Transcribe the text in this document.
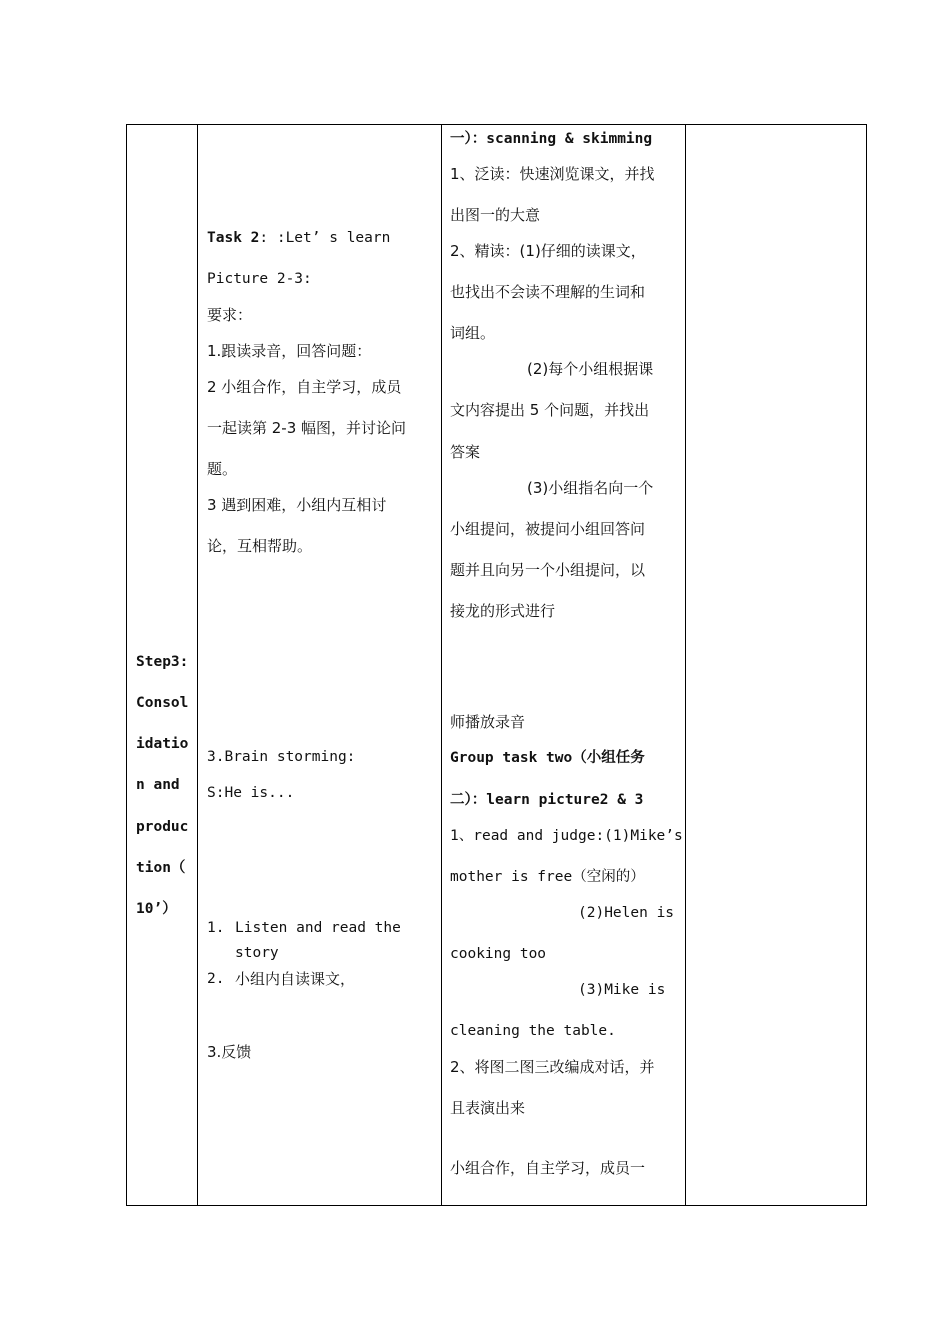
Step3:
Consol
idatio
n and
produc
tion（
10’）
Task 2: :Let’ s learn
Picture 2-3:
要求：
1.跟读录音，回答问题：
2 小组合作，自主学习，成员
一起读第 2-3 幅图，并讨论问
题。
3 遇到困难，小组内互相讨
论，互相帮助。
3.Brain storming:
S:He is...
1. Listen and read the
story
2. 小组内自读课文，
3.反馈
一）：scanning & skimming
1、泛读：快速浏览课文，并找
出图一的大意
2、精读：(1)仔细的读课文，
也找出不会读不理解的生词和
词组。
(2)每个小组根据课
文内容提出 5 个问题，并找出
答案
(3)小组指名向一个
小组提问，被提问小组回答问
题并且向另一个小组提问，以
接龙的形式进行
师播放录音
Group task two（小组任务
二）：learn picture2 & 3
1、read and judge:(1)Mike’s
mother is free（空闲的）
(2)Helen is
cooking too
(3)Mike is
cleaning the table.
2、将图二图三改编成对话，并
且表演出来
小组合作，自主学习，成员一
